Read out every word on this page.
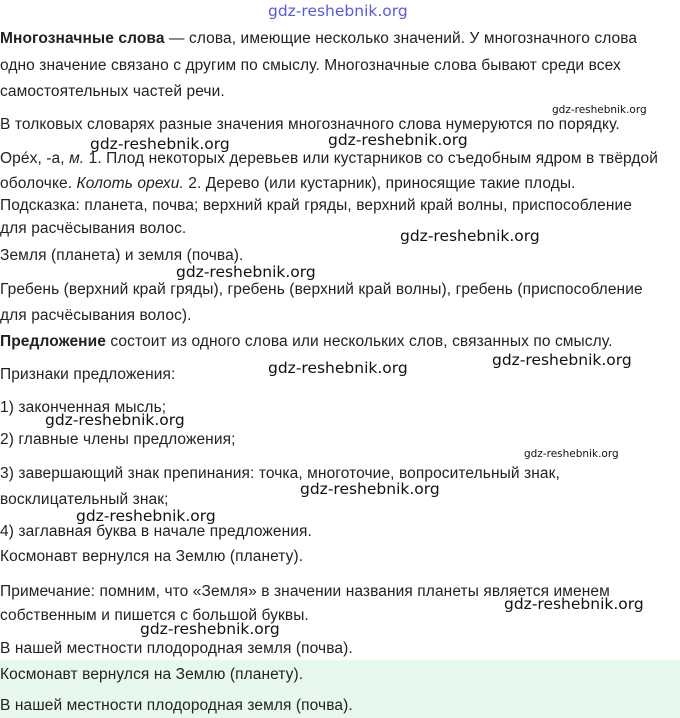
gdz-reshebnik.org
Многозначные слова — слова, имеющие несколько значений. У многозначного слова
одно значение связано с другим по смыслу. Многозначные слова бывают среди всех
самостоятельных частей речи.
В толковых словарях разные значения многозначного слова нумеруются по порядку.
Орéх, -а, м. 1. Плод некоторых деревьев или кустарников со съедобным ядром в твёрдой
оболочке. Колоть орехи. 2. Дерево (или кустарник), приносящие такие плоды.
Подсказка: планета, почва; верхний край гряды, верхний край волны, приспособление
для расчёсывания волос.
Земля (планета) и земля (почва).
Гребень (верхний край гряды), гребень (верхний край волны), гребень (приспособление
для расчёсывания волос).
Предложение состоит из одного слова или нескольких слов, связанных по смыслу.
Признаки предложения:
1) законченная мысль;
2) главные члены предложения;
3) завершающий знак препинания: точка, многоточие, вопросительный знак,
восклицательный знак;
4) заглавная буква в начале предложения.
Космонавт вернулся на Землю (планету).
Примечание: помним, что «Земля» в значении названия планеты является именем
собственным и пишется с большой буквы.
В нашей местности плодородная земля (почва).
Космонавт вернулся на Землю (планету).
В нашей местности плодородная земля (почва).
gdz-reshebnik.org
gdz-reshebnik.org	gdz-reshebnik.org
gdz-reshebnik.org
gdz-reshebnik.org
gdz-reshebnik.org
gdz-reshebnik.org
gdz-reshebnik.org
gdz-reshebnik.org
gdz-reshebnik.org
gdz-reshebnik.org
gdz-reshebnik.org
gdz-reshebnik.org
